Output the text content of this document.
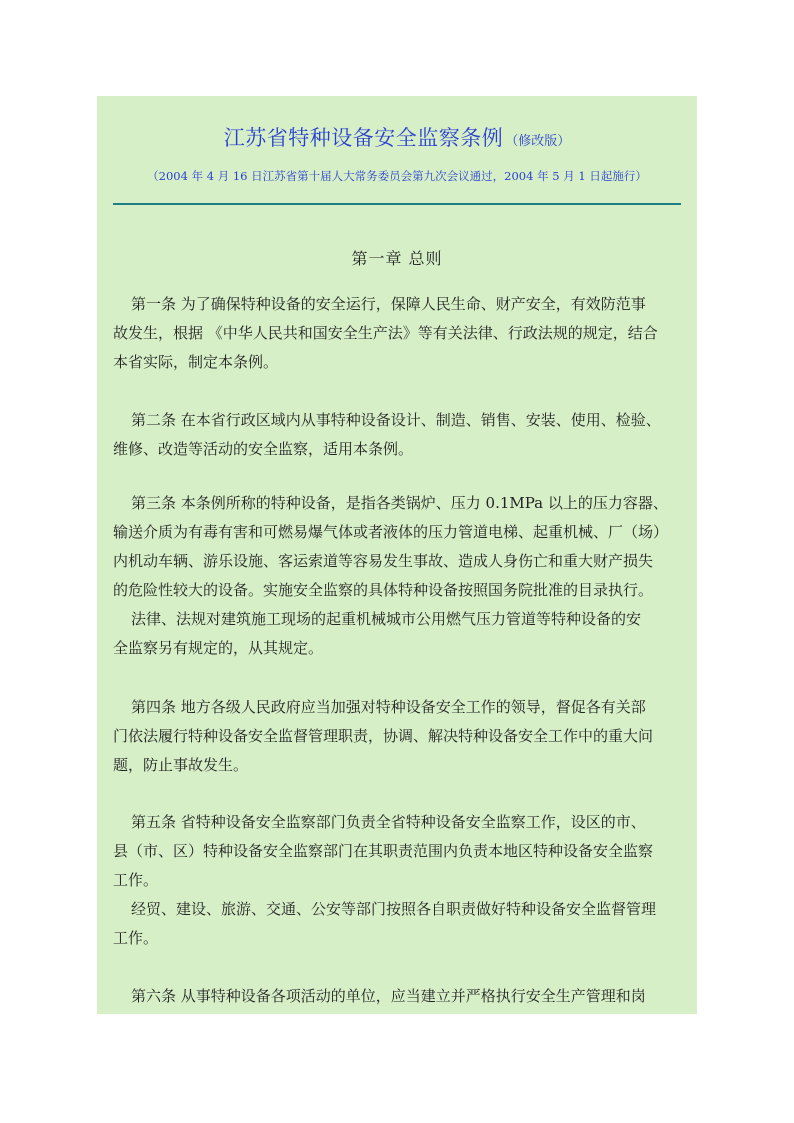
江苏省特种设备安全监察条例 （修改版）
（2004 年 4 月 16 日江苏省第十届人大常务委员会第九次会议通过，2004 年 5 月 1 日起施行）
第一章 总则
第一条 为了确保特种设备的安全运行，保障人民生命、财产安全，有效防范事
故发生，根据 《中华人民共和国安全生产法》等有关法律、行政法规的规定，结合
本省实际，制定本条例。
第二条 在本省行政区域内从事特种设备设计、制造、销售、安装、使用、检验、
维修、改造等活动的安全监察，适用本条例。
第三条 本条例所称的特种设备，是指各类锅炉、压力 0.1MPa 以上的压力容器、
输送介质为有毒有害和可燃易爆气体或者液体的压力管道电梯、起重机械、厂（场）
内机动车辆、游乐设施、客运索道等容易发生事故、造成人身伤亡和重大财产损失
的危险性较大的设备。实施安全监察的具体特种设备按照国务院批准的目录执行。
法律、法规对建筑施工现场的起重机械城市公用燃气压力管道等特种设备的安
全监察另有规定的，从其规定。
第四条 地方各级人民政府应当加强对特种设备安全工作的领导，督促各有关部
门依法履行特种设备安全监督管理职责，协调、解决特种设备安全工作中的重大问
题，防止事故发生。
第五条 省特种设备安全监察部门负责全省特种设备安全监察工作，设区的市、
县（市、区）特种设备安全监察部门在其职责范围内负责本地区特种设备安全监察
工作。
经贸、建设、旅游、交通、公安等部门按照各自职责做好特种设备安全监督管理
工作。
第六条 从事特种设备各项活动的单位，应当建立并严格执行安全生产管理和岗
